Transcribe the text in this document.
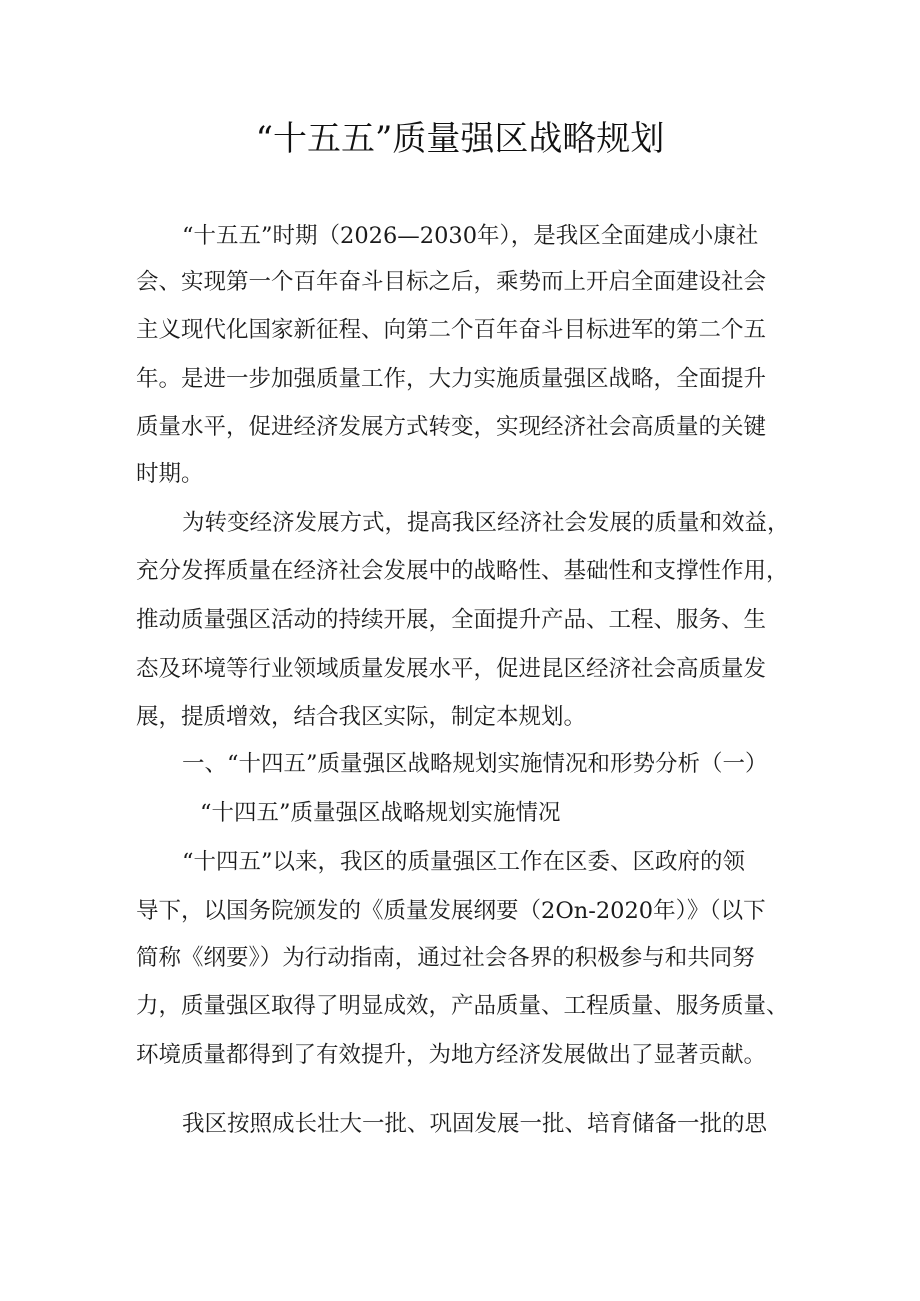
“十五五”质量强区战略规划
“十五五”时期（2026—2030年），是我区全面建成小康社
会、实现第一个百年奋斗目标之后，乘势而上开启全面建设社会
主义现代化国家新征程、向第二个百年奋斗目标进军的第二个五
年。是进一步加强质量工作，大力实施质量强区战略，全面提升
质量水平，促进经济发展方式转变，实现经济社会高质量的关键
时期。
为转变经济发展方式，提高我区经济社会发展的质量和效益，
充分发挥质量在经济社会发展中的战略性、基础性和支撑性作用，
推动质量强区活动的持续开展，全面提升产品、工程、服务、生
态及环境等行业领域质量发展水平，促进昆区经济社会高质量发
展，提质增效，结合我区实际，制定本规划。
一、“十四五”质量强区战略规划实施情况和形势分析（一）
“十四五”质量强区战略规划实施情况
“十四五”以来，我区的质量强区工作在区委、区政府的领
导下，以国务院颁发的《质量发展纲要（2On-2020年）》（以下
简称《纲要》）为行动指南，通过社会各界的积极参与和共同努
力，质量强区取得了明显成效，产品质量、工程质量、服务质量、
环境质量都得到了有效提升，为地方经济发展做出了显著贡献。
我区按照成长壮大一批、巩固发展一批、培育储备一批的思
